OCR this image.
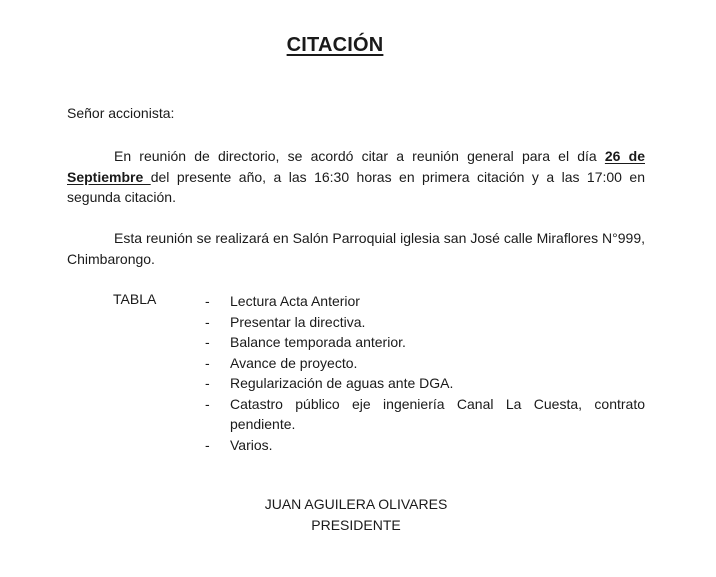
CITACIÓN
Señor accionista:

En reunión de directorio, se acordó citar a reunión general para el día 26 de Septiembre del presente año, a las 16:30 horas en primera citación y a las 17:00 en segunda citación.

Esta reunión se realizará en Salón Parroquial iglesia san José calle Miraflores N°999, Chimbarongo.

TABLA	- Lectura Acta Anterior
- Presentar la directiva.
- Balance temporada anterior.
- Avance de proyecto.
- Regularización de aguas ante DGA.
- Catastro público eje ingeniería Canal La Cuesta, contrato pendiente.
- Varios.
JUAN AGUILERA OLIVARES
PRESIDENTE
